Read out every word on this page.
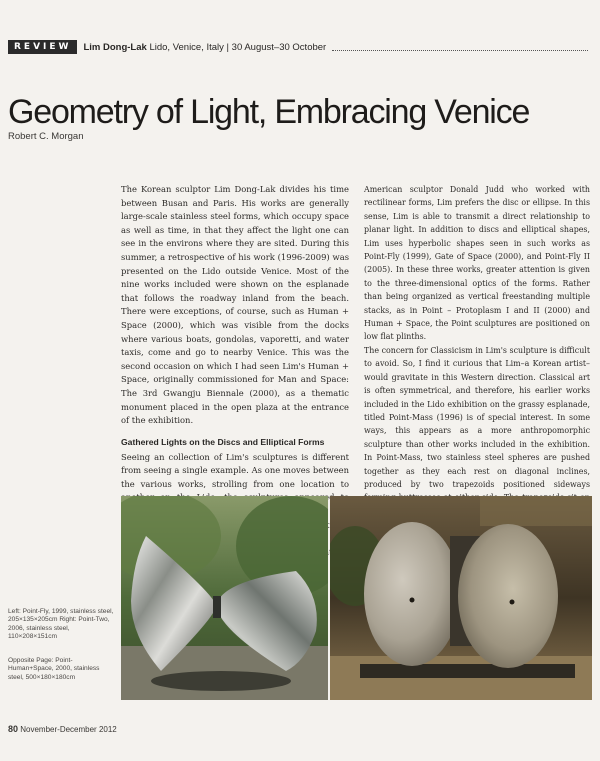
REVIEW	Lim Dong-Lak Lido, Venice, Italy | 30 August–30 October
Geometry of Light, Embracing Venice
Robert C. Morgan

The Korean sculptor Lim Dong-Lak divides his time between Busan and Paris. His works are generally large-scale stainless steel forms, which occupy space as well as time, in that they affect the light one can see in the environs where they are sited. During this summer, a retrospective of his work (1996-2009) was presented on the Lido outside Venice. Most of the nine works included were shown on the esplanade that follows the roadway inland from the beach. There were exceptions, of course, such as Human + Space (2000), which was visible from the docks where various boats, gondolas, vaporetti, and water taxis, come and go to nearby Venice. This was the second occasion on which I had seen Lim's Human + Space, originally commissioned for Man and Space: The 3rd Gwangju Biennale (2000), as a thematic monument placed in the open plaza at the entrance of the exhibition.

Gathered Lights on the Discs and Elliptical Forms

Seeing an collection of Lim's sculptures is different from seeing a single example. As one moves between the various works, strolling from one location to

American sculptor Donald Judd who worked with rectilinear forms, Lim prefers the disc or ellipse. In this sense, Lim is able to transmit a direct relationship to planar light. In addition to discs and elliptical shapes, Lim uses hyperbolic shapes seen in such works as Point-Fly (1999), Gate of Space (2000), and Point-Fly II (2005). In these three works, greater attention is given to the three-dimensional optics of the forms. Rather than being organized as vertical freestanding multiple stacks, as in Point – Protoplasm I and II (2000) and Human + Space, the Point sculptures are positioned on low flat plinths.

The concern for Classicism in Lim's sculpture is difficult to avoid. So, I find it curious that Lim–a Korean artist–would gravitate in this Western direction. Classical art is often symmetrical, and therefore, his earlier works included in the Lido exhibition on the grassy esplanade, titled Point-Mass (1996) is of special interest. In some ways, this appears as a more anthropomorphic sculpture than other works included in the exhibition. In Point-Mass, two stainless steel spheres are pushed together as they each rest on diagonal inclines, produced by two trapezoids positioned sideways

Left: Point-Fly, 1999, stainless steel, 205×135×205cm Right: Point-Two, 2006, stainless steel, 110×208×151cm
Opposite Page: Point-Human+Space, 2000, stainless steel, 500×180×180cm
80 November-December 2012
